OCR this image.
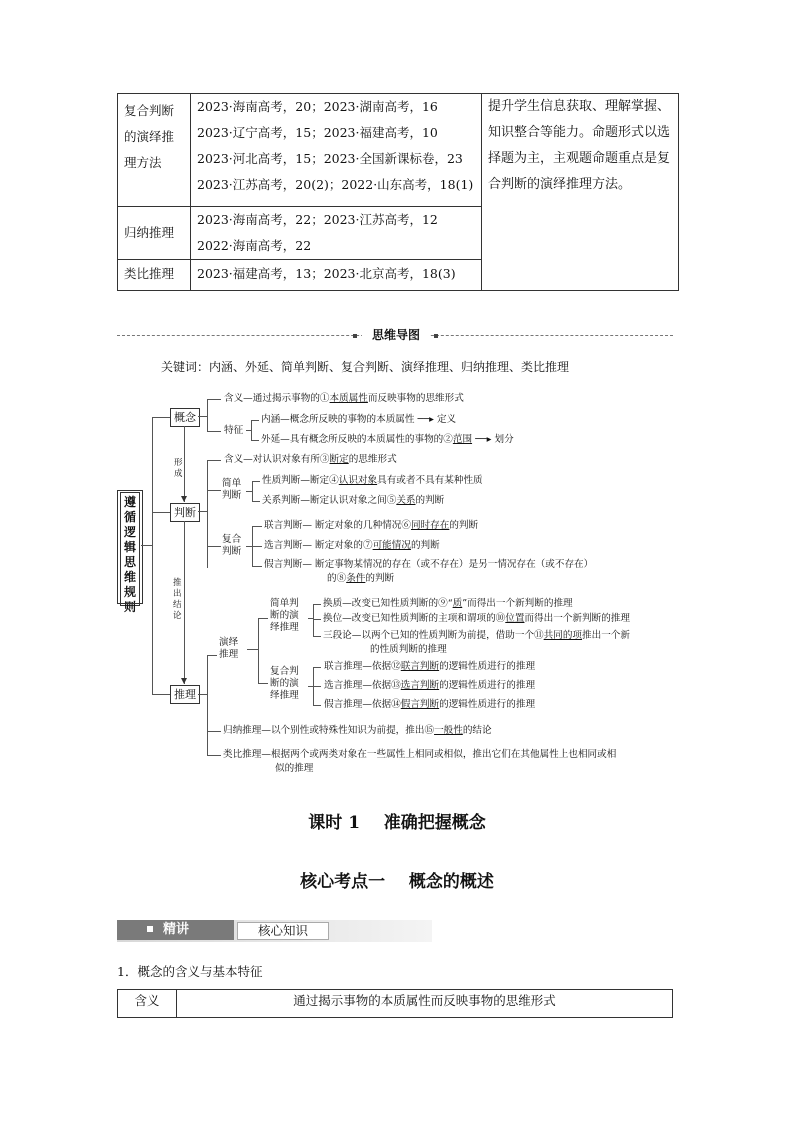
复合判断的演绎推理方法	2023·海南高考，20；2023·湖南高考，16
2023·辽宁高考，15；2023·福建高考，10
2023·河北高考，15；2023·全国新课标卷，23
2023·江苏高考，20(2)；2022·山东高考，18(1)	提升学生信息获取、理解掌握、知识整合等能力。命题形式以选择题为主，主观题命题重点是复合判断的演绎推理方法。

归纳推理	2023·海南高考，22；2023·江苏高考，12
2022·海南高考，22	

类比推理	2023·福建高考，13；2023·北京高考，18(3)	
思维导图
关键词：内涵、外延、简单判断、复合判断、演绎推理、归纳推理、类比推理
遵循逻辑思维规则
概念
判断
推理
形成
推出结论
含义—通过揭示事物的①本质属性而反映事物的思维形式
特征
内涵—概念所反映的事物的本质属性 ──▸ 定义
外延—具有概念所反映的本质属性的事物的②范围 ──▸ 划分
含义—对认识对象有所③断定的思维形式
简单判断
性质判断—断定④认识对象具有或者不具有某种性质
关系判断—断定认识对象之间⑤关系的判断
复合判断
联言判断— 断定对象的几种情况⑥同时存在的判断
选言判断— 断定对象的⑦可能情况的判断
假言判断— 断定事物某情况的存在（或不存在）是另一情况存在（或不存在）
的⑧条件的判断
演绎推理
简单判断的演绎推理
换质—改变已知性质判断的⑨“质”而得出一个新判断的推理
换位—改变已知性质判断的主项和谓项的⑩位置而得出一个新判断的推理
三段论—以两个已知的性质判断为前提，借助一个⑪共同的项推出一个新
的性质判断的推理
复合判断的演绎推理
联言推理—依据⑫联言判断的逻辑性质进行的推理
选言推理—依据⑬选言判断的逻辑性质进行的推理
假言推理—依据⑭假言判断的逻辑性质进行的推理
归纳推理—以个别性或特殊性知识为前提，推出⑮一般性的结论
类比推理—根据两个或两类对象在一些属性上相同或相似，推出它们在其他属性上也相同或相
似的推理
课时 1    准确把握概念
核心考点一    概念的概述
精讲	核心知识
1．概念的含义与基本特征
含义	通过揭示事物的本质属性而反映事物的思维形式
